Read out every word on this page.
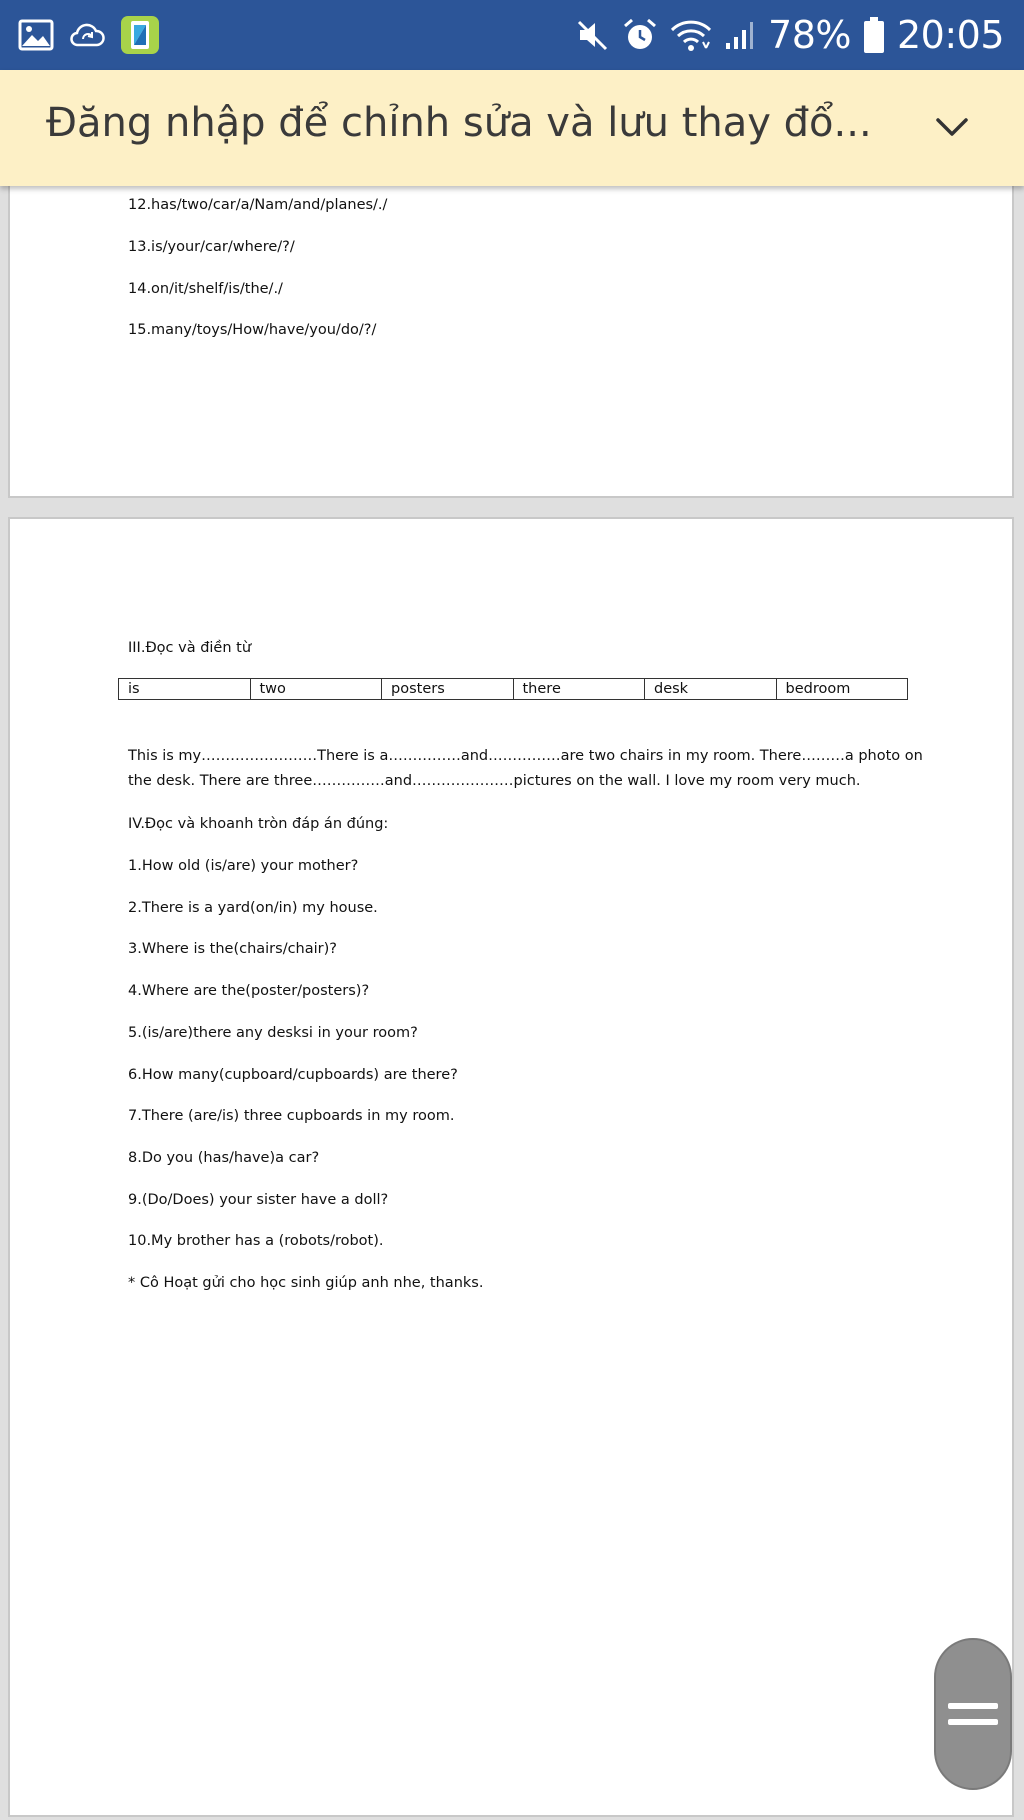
78% 20:05
Đăng nhập để chỉnh sửa và lưu thay đổ...
12.has/two/car/a/Nam/and/planes/./
13.is/your/car/where/?/
14.on/it/shelf/is/the/./
15.many/toys/How/have/you/do/?/
III.Đọc và điền từ
is	two	posters	there	desk	bedroom
This is my……………………There is a……………and……………are two chairs in my room. There………a photo on
the desk. There are three……………and…………………pictures on the wall. I love my room very much.
IV.Đọc và khoanh tròn đáp án đúng:
1.How old (is/are) your mother?
2.There is a yard(on/in) my house.
3.Where is the(chairs/chair)?
4.Where are the(poster/posters)?
5.(is/are)there any desksi in your room?
6.How many(cupboard/cupboards) are there?
7.There (are/is) three cupboards in my room.
8.Do you (has/have)a car?
9.(Do/Does) your sister have a doll?
10.My brother has a (robots/robot).
* Cô Hoạt gửi cho học sinh giúp anh nhe, thanks.
